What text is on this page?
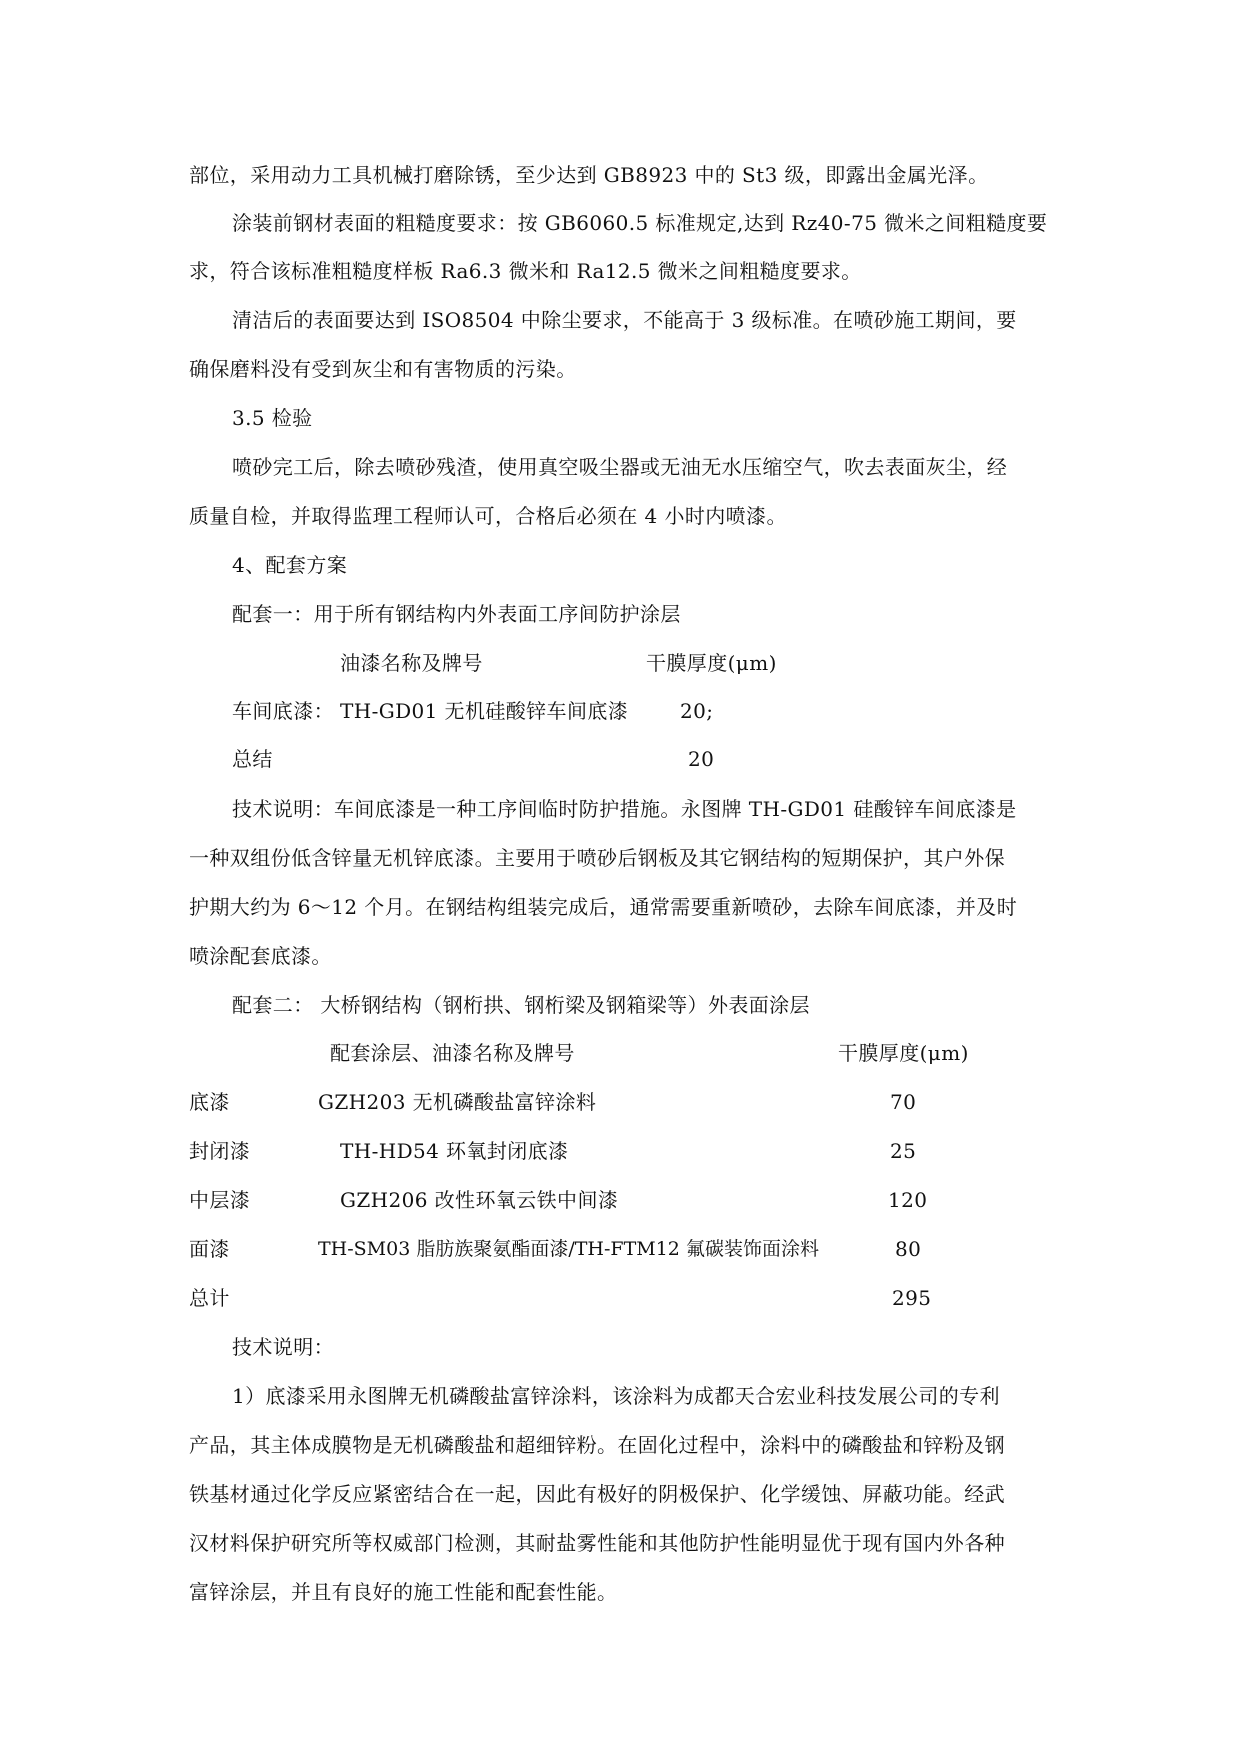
部位，采用动力工具机械打磨除锈，至少达到 GB8923 中的 St3 级，即露出金属光泽。
涂装前钢材表面的粗糙度要求：按 GB6060.5 标准规定,达到 Rz40-75 微米之间粗糙度要
求，符合该标准粗糙度样板 Ra6.3 微米和 Ra12.5 微米之间粗糙度要求。
清洁后的表面要达到 ISO8504 中除尘要求，不能高于 3 级标准。在喷砂施工期间，要
确保磨料没有受到灰尘和有害物质的污染。
3.5 检验
喷砂完工后，除去喷砂残渣，使用真空吸尘器或无油无水压缩空气，吹去表面灰尘，经
质量自检，并取得监理工程师认可，合格后必须在 4 小时内喷漆。
4、配套方案
配套一：用于所有钢结构内外表面工序间防护涂层
油漆名称及牌号	干膜厚度(μm)
车间底漆： TH-GD01 无机硅酸锌车间底漆	20;
总结	20
技术说明：车间底漆是一种工序间临时防护措施。永图牌 TH-GD01 硅酸锌车间底漆是
一种双组份低含锌量无机锌底漆。主要用于喷砂后钢板及其它钢结构的短期保护，其户外保
护期大约为 6～12 个月。在钢结构组装完成后，通常需要重新喷砂，去除车间底漆，并及时
喷涂配套底漆。
配套二： 大桥钢结构（钢桁拱、钢桁梁及钢箱梁等）外表面涂层
配套涂层、油漆名称及牌号	干膜厚度(μm)
底漆	GZH203 无机磷酸盐富锌涂料	70
封闭漆	TH-HD54 环氧封闭底漆	25
中层漆	GZH206 改性环氧云铁中间漆	120
面漆	TH-SM03 脂肪族聚氨酯面漆/TH-FTM12 氟碳装饰面涂料	80
总计	295
技术说明：
1）底漆采用永图牌无机磷酸盐富锌涂料，该涂料为成都天合宏业科技发展公司的专利
产品，其主体成膜物是无机磷酸盐和超细锌粉。在固化过程中，涂料中的磷酸盐和锌粉及钢
铁基材通过化学反应紧密结合在一起，因此有极好的阴极保护、化学缓蚀、屏蔽功能。经武
汉材料保护研究所等权威部门检测，其耐盐雾性能和其他防护性能明显优于现有国内外各种
富锌涂层，并且有良好的施工性能和配套性能。
